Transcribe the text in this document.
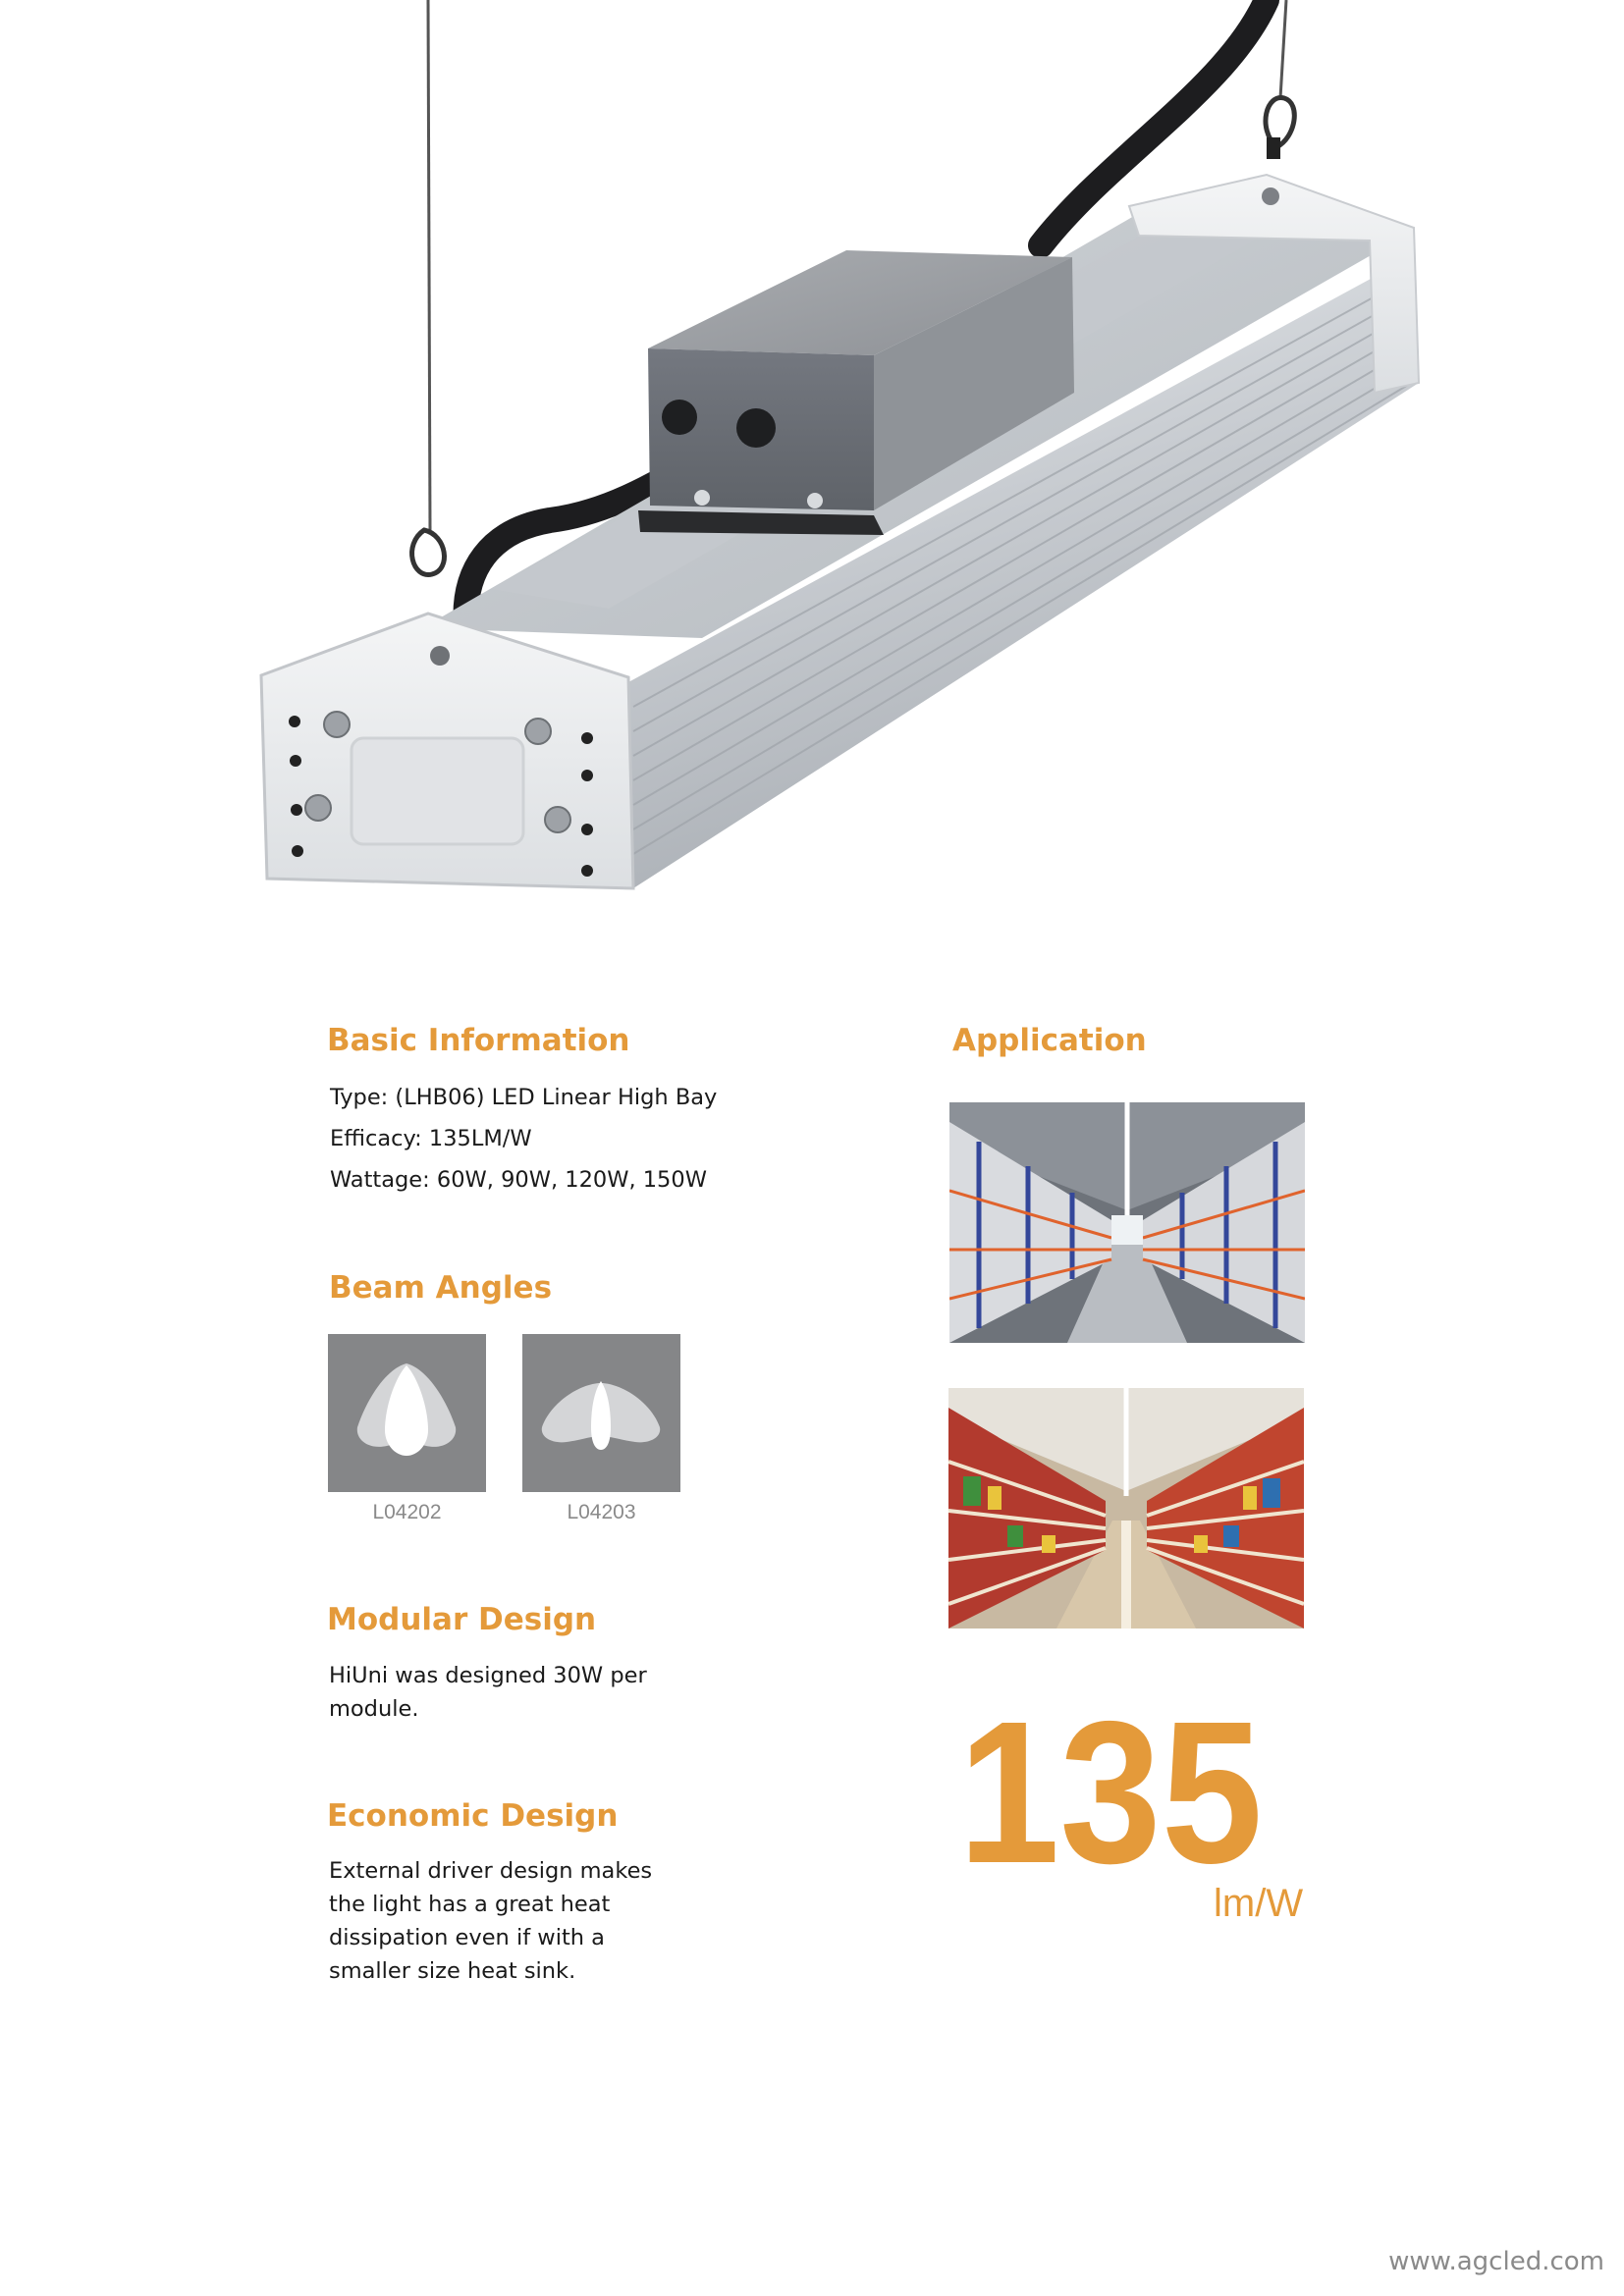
Basic Information
Type: (LHB06) LED Linear High Bay
Efficacy: 135LM/W
Wattage: 60W, 90W, 120W, 150W
Beam Angles
L04202	L04203
Modular Design
HiUni was designed 30W per module.
Economic Design
External driver design makes the light has a great heat dissipation even if with a smaller size heat sink.
Application
135
lm/W
www.agcled.com
